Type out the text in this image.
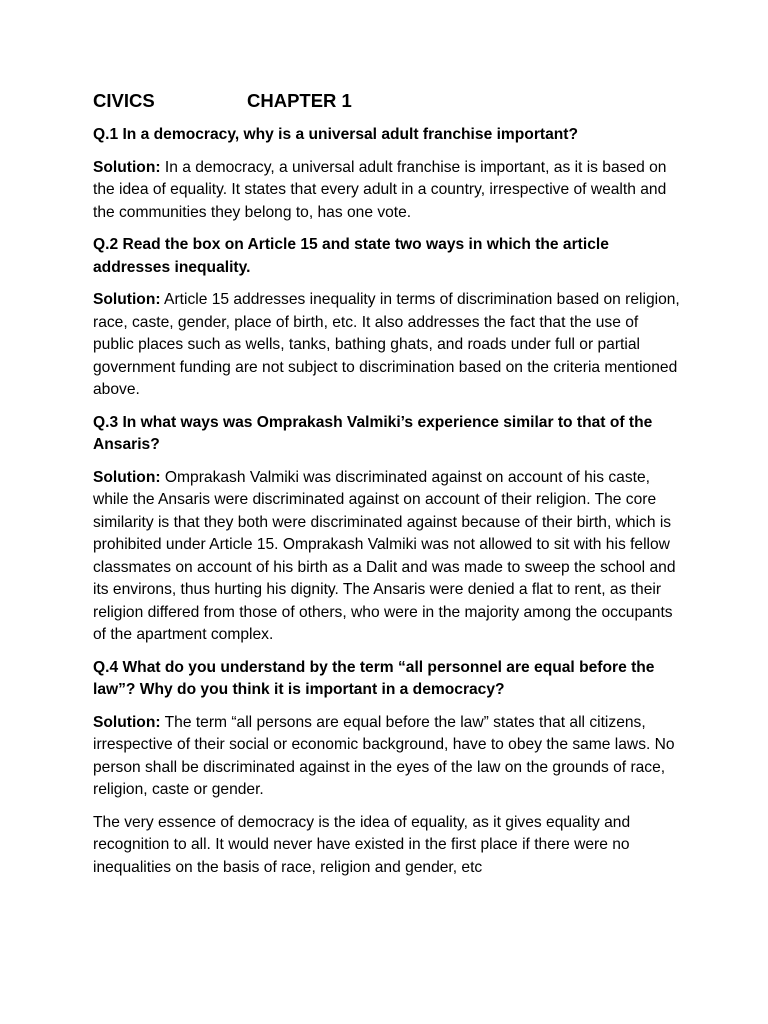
CIVICS	CHAPTER 1
Q.1 In a democracy, why is a universal adult franchise important?
Solution: In a democracy, a universal adult franchise is important, as it is based on the idea of equality. It states that every adult in a country, irrespective of wealth and the communities they belong to, has one vote.
Q.2 Read the box on Article 15 and state two ways in which the article addresses inequality.
Solution: Article 15 addresses inequality in terms of discrimination based on religion, race, caste, gender, place of birth, etc. It also addresses the fact that the use of public places such as wells, tanks, bathing ghats, and roads under full or partial government funding are not subject to discrimination based on the criteria mentioned above.
Q.3 In what ways was Omprakash Valmiki’s experience similar to that of the Ansaris?
Solution: Omprakash Valmiki was discriminated against on account of his caste, while the Ansaris were discriminated against on account of their religion. The core similarity is that they both were discriminated against because of their birth, which is prohibited under Article 15. Omprakash Valmiki was not allowed to sit with his fellow classmates on account of his birth as a Dalit and was made to sweep the school and its environs, thus hurting his dignity. The Ansaris were denied a flat to rent, as their religion differed from those of others, who were in the majority among the occupants of the apartment complex.
Q.4 What do you understand by the term “all personnel are equal before the law”? Why do you think it is important in a democracy?
Solution: The term “all persons are equal before the law” states that all citizens, irrespective of their social or economic background, have to obey the same laws. No person shall be discriminated against in the eyes of the law on the grounds of race, religion, caste or gender.
The very essence of democracy is the idea of equality, as it gives equality and recognition to all. It would never have existed in the first place if there were no inequalities on the basis of race, religion and gender, etc
